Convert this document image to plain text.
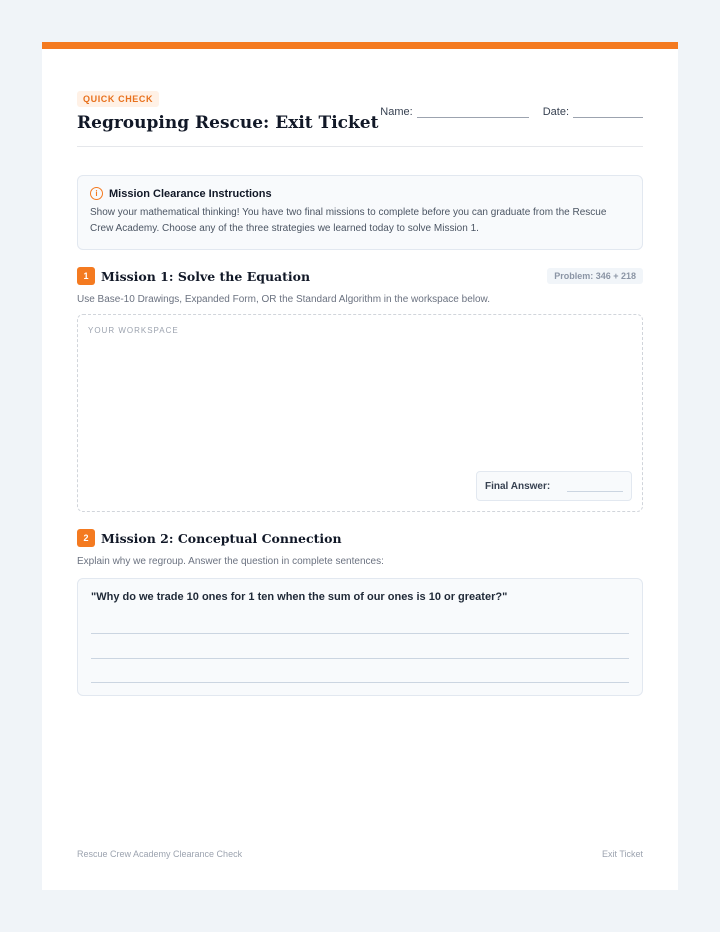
QUICK CHECK
Regrouping Rescue: Exit Ticket
Name:	Date:
i	Mission Clearance Instructions

Show your mathematical thinking! You have two final missions to complete before you can graduate from the Rescue Crew Academy. Choose any of the three strategies we learned today to solve Mission 1.

1	Mission 1: Solve the Equation	Problem: 346 + 218

Use Base-10 Drawings, Expanded Form, OR the Standard Algorithm in the workspace below.

YOUR WORKSPACE
Final Answer:
2	Mission 2: Conceptual Connection

Explain why we regroup. Answer the question in complete sentences:

"Why do we trade 10 ones for 1 ten when the sum of our ones is 10 or greater?"

Rescue Crew Academy Clearance Check	Exit Ticket
